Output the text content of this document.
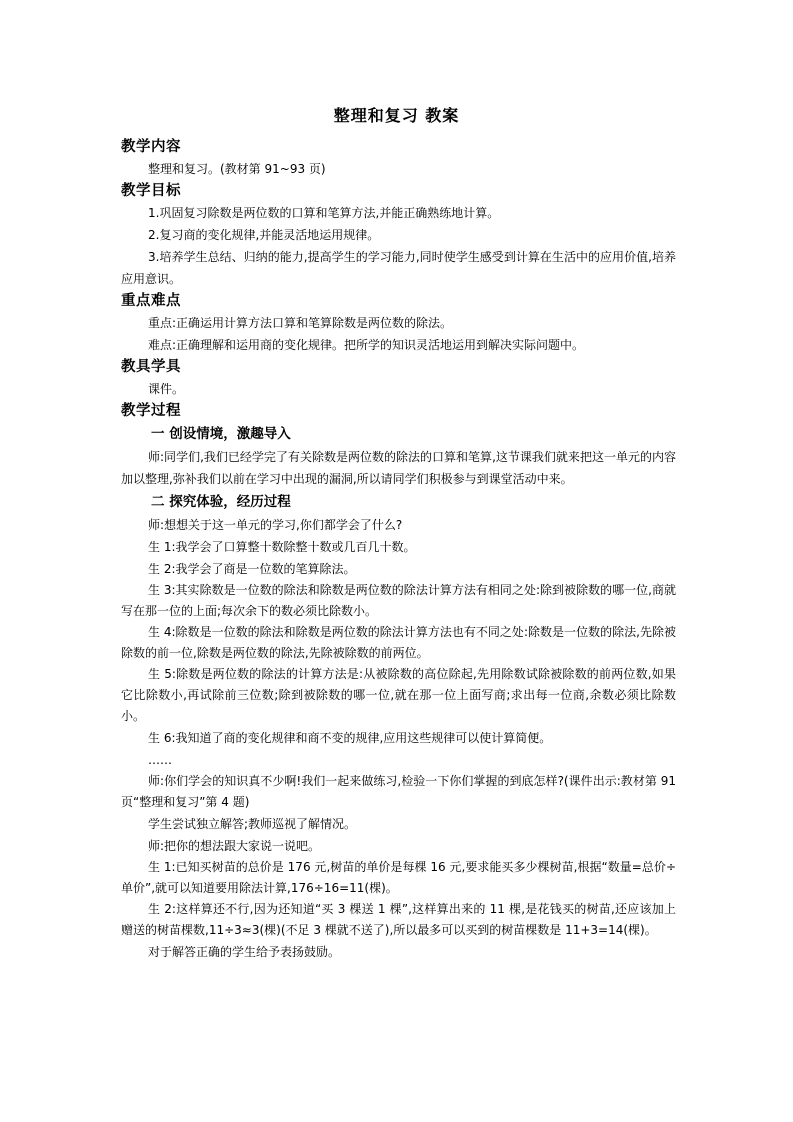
整理和复习 教案
教学内容

整理和复习。(教材第 91~93 页)

教学目标

1.巩固复习除数是两位数的口算和笔算方法,并能正确熟练地计算。

2.复习商的变化规律,并能灵活地运用规律。

3.培养学生总结、归纳的能力,提高学生的学习能力,同时使学生感受到计算在生活中的应用价值,培养应用意识。

重点难点

重点:正确运用计算方法口算和笔算除数是两位数的除法。

难点:正确理解和运用商的变化规律。把所学的知识灵活地运用到解决实际问题中。

教具学具

课件。

教学过程
一 创设情境，激趣导入

师:同学们,我们已经学完了有关除数是两位数的除法的口算和笔算,这节课我们就来把这一单元的内容加以整理,弥补我们以前在学习中出现的漏洞,所以请同学们积极参与到课堂活动中来。

二 探究体验，经历过程

师:想想关于这一单元的学习,你们都学会了什么?

生 1:我学会了口算整十数除整十数或几百几十数。

生 2:我学会了商是一位数的笔算除法。

生 3:其实除数是一位数的除法和除数是两位数的除法计算方法有相同之处:除到被除数的哪一位,商就写在那一位的上面;每次余下的数必须比除数小。

生 4:除数是一位数的除法和除数是两位数的除法计算方法也有不同之处:除数是一位数的除法,先除被除数的前一位,除数是两位数的除法,先除被除数的前两位。

生 5:除数是两位数的除法的计算方法是:从被除数的高位除起,先用除数试除被除数的前两位数,如果它比除数小,再试除前三位数;除到被除数的哪一位,就在那一位上面写商;求出每一位商,余数必须比除数小。

生 6:我知道了商的变化规律和商不变的规律,应用这些规律可以使计算简便。

……

师:你们学会的知识真不少啊!我们一起来做练习,检验一下你们掌握的到底怎样?(课件出示:教材第 91 页“整理和复习”第 4 题)

学生尝试独立解答;教师巡视了解情况。

师:把你的想法跟大家说一说吧。

生 1:已知买树苗的总价是 176 元,树苗的单价是每棵 16 元,要求能买多少棵树苗,根据“数量=总价÷单价”,就可以知道要用除法计算,176÷16=11(棵)。

生 2:这样算还不行,因为还知道“买 3 棵送 1 棵”,这样算出来的 11 棵,是花钱买的树苗,还应该加上赠送的树苗棵数,11÷3≈3(棵)(不足 3 棵就不送了),所以最多可以买到的树苗棵数是 11+3=14(棵)。

对于解答正确的学生给予表扬鼓励。
